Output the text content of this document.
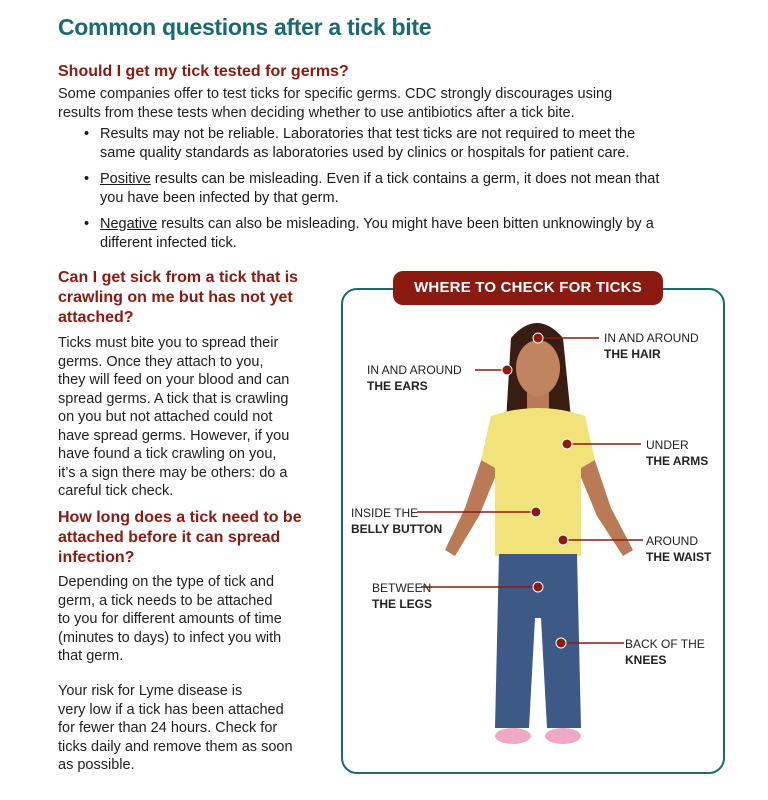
Common questions after a tick bite
Should I get my tick tested for germs?
Some companies offer to test ticks for specific germs. CDC strongly discourages using
results from these tests when deciding whether to use antibiotics after a tick bite.
• Results may not be reliable. Laboratories that test ticks are not required to meet the
same quality standards as laboratories used by clinics or hospitals for patient care.
• Positive results can be misleading. Even if a tick contains a germ, it does not mean that
you have been infected by that germ.
• Negative results can also be misleading. You might have been bitten unknowingly by a
different infected tick.
Can I get sick from a tick that is
crawling on me but has not yet
attached?
Ticks must bite you to spread their
germs. Once they attach to you,
they will feed on your blood and can
spread germs. A tick that is crawling
on you but not attached could not
have spread germs. However, if you
have found a tick crawling on you,
it’s a sign there may be others: do a
careful tick check.
How long does a tick need to be
attached before it can spread
infection?
Depending on the type of tick and
germ, a tick needs to be attached
to you for different amounts of time
(minutes to days) to infect you with
that germ.
Your risk for Lyme disease is
very low if a tick has been attached
for fewer than 24 hours. Check for
ticks daily and remove them as soon
as possible.
WHERE TO CHECK FOR TICKS
IN AND AROUND
THE HAIR
IN AND AROUND
THE EARS
UNDER
THE ARMS
INSIDE THE
BELLY BUTTON
AROUND
THE WAIST
BETWEEN
THE LEGS
BACK OF THE
KNEES
